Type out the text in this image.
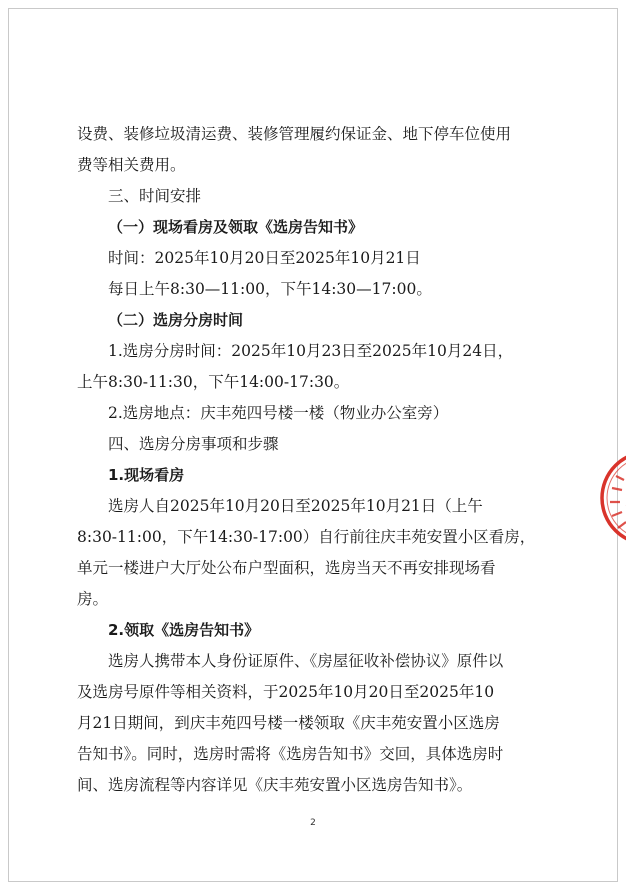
设费、装修垃圾清运费、装修管理履约保证金、地下停车位使用

费等相关费用。

三、时间安排

（一）现场看房及领取《选房告知书》

时间：2025年10月20日至2025年10月21日

每日上午8:30—11:00，下午14:30—17:00。

（二）选房分房时间

1.选房分房时间：2025年10月23日至2025年10月24日，

上午8:30-11:30，下午14:00-17:30。

2.选房地点：庆丰苑四号楼一楼（物业办公室旁）

四、选房分房事项和步骤

1.现场看房

选房人自2025年10月20日至2025年10月21日（上午

8:30-11:00，下午14:30-17:00）自行前往庆丰苑安置小区看房，

单元一楼进户大厅处公布户型面积，选房当天不再安排现场看

房。

2.领取《选房告知书》

选房人携带本人身份证原件、《房屋征收补偿协议》原件以

及选房号原件等相关资料，于2025年10月20日至2025年10

月21日期间，到庆丰苑四号楼一楼领取《庆丰苑安置小区选房

告知书》。同时，选房时需将《选房告知书》交回，具体选房时

间、选房流程等内容详见《庆丰苑安置小区选房告知书》。

2
